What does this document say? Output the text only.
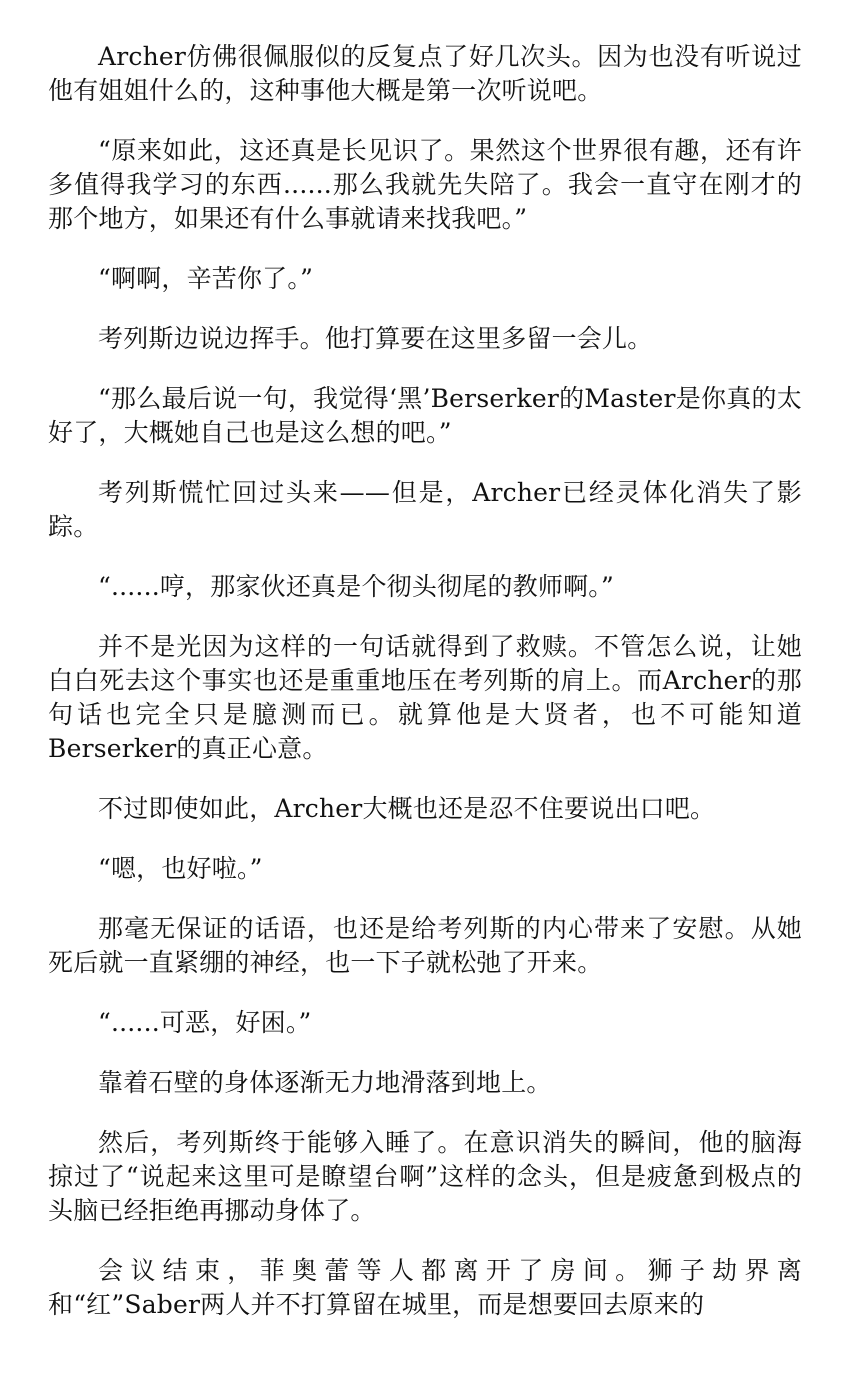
Archer仿佛很佩服似的反复点了好几次头。因为也没有听说过他有姐姐什么的，这种事他大概是第一次听说吧。

“原来如此，这还真是长见识了。果然这个世界很有趣，还有许多值得我学习的东西......那么我就先失陪了。我会一直守在刚才的那个地方，如果还有什么事就请来找我吧。”

“啊啊，辛苦你了。”

考列斯边说边挥手。他打算要在这里多留一会儿。

“那么最后说一句，我觉得‘黑’Berserker的Master是你真的太好了，大概她自己也是这么想的吧。”

考列斯慌忙回过头来——但是，Archer已经灵体化消失了影踪。

“......哼，那家伙还真是个彻头彻尾的教师啊。”

并不是光因为这样的一句话就得到了救赎。不管怎么说，让她白白死去这个事实也还是重重地压在考列斯的肩上。而Archer的那句话也完全只是臆测而已。就算他是大贤者，也不可能知道Berserker的真正心意。

不过即使如此，Archer大概也还是忍不住要说出口吧。

“嗯，也好啦。”

那毫无保证的话语，也还是给考列斯的内心带来了安慰。从她死后就一直紧绷的神经，也一下子就松弛了开来。

“......可恶，好困。”

靠着石壁的身体逐渐无力地滑落到地上。

然后，考列斯终于能够入睡了。在意识消失的瞬间，他的脑海掠过了“说起来这里可是瞭望台啊”这样的念头，但是疲惫到极点的头脑已经拒绝再挪动身体了。

会议结束，菲奥蕾等人都离开了房间。狮子劫界离和“红”Saber两人并不打算留在城里，而是想要回去原来的
